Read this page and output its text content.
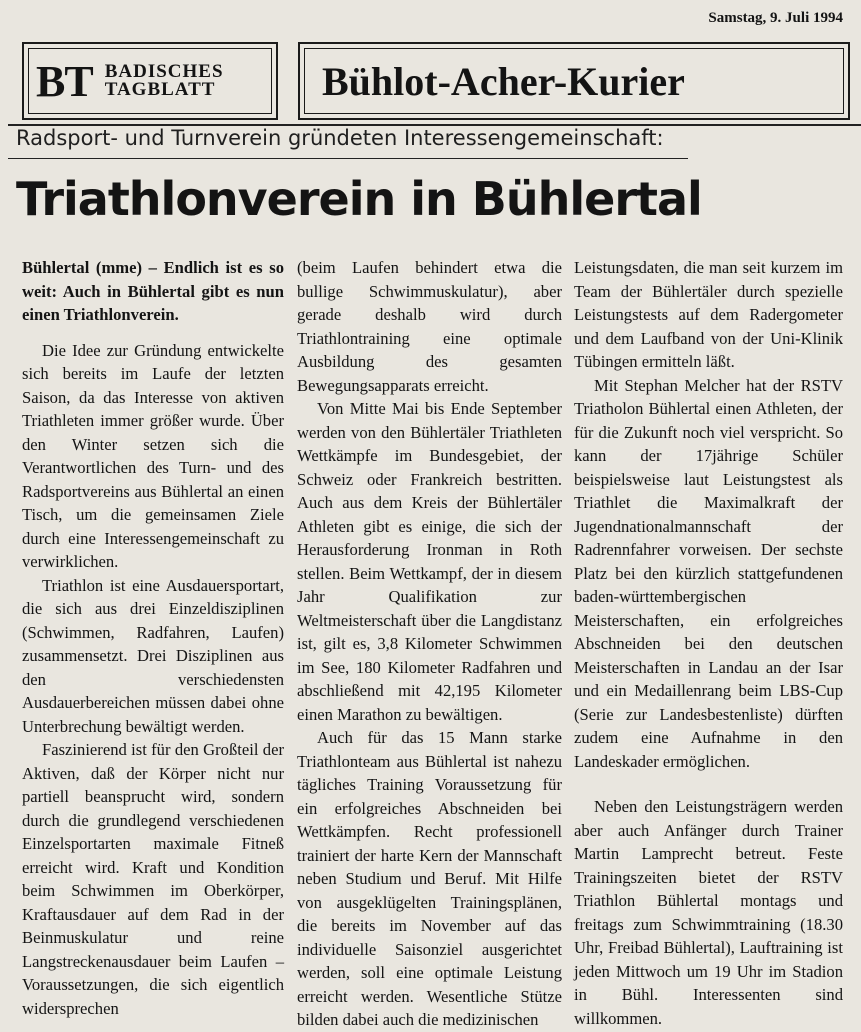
Samstag, 9. Juli 1994
BT BADISCHES
TAGBLATT	Bühlot-Acher-Kurier
Radsport- und Turnverein gründeten Interessengemeinschaft:
Triathlonverein in Bühlertal

Bühlertal (mme) – Endlich ist es so weit: Auch in Bühlertal gibt es nun einen Triathlonverein.

Die Idee zur Gründung entwickelte sich bereits im Laufe der letzten Saison, da das Interesse von aktiven Triathleten immer größer wurde. Über den Winter setzen sich die Verantwortlichen des Turn- und des Radsportvereins aus Bühlertal an einen Tisch, um die gemeinsamen Ziele durch eine Interessengemeinschaft zu verwirklichen.

Triathlon ist eine Ausdauersportart, die sich aus drei Einzeldisziplinen (Schwimmen, Radfahren, Laufen) zusammensetzt. Drei Disziplinen aus den verschiedensten Ausdauerbereichen müssen dabei ohne Unterbrechung bewältigt werden.

Faszinierend ist für den Großteil der Aktiven, daß der Körper nicht nur partiell beansprucht wird, sondern durch die grundlegend verschiedenen Einzelsportarten maximale Fitneß erreicht wird. Kraft und Kondition beim Schwimmen im Oberkörper, Kraftausdauer auf dem Rad in der Beinmuskulatur und reine Langstreckenausdauer beim Laufen – Voraussetzungen, die sich eigentlich widersprechen

(beim Laufen behindert etwa die bullige Schwimmuskulatur), aber gerade deshalb wird durch Triathlontraining eine optimale Ausbildung des gesamten Bewegungsapparats erreicht.

Von Mitte Mai bis Ende September werden von den Bühlertäler Triathleten Wettkämpfe im Bundesgebiet, der Schweiz oder Frankreich bestritten. Auch aus dem Kreis der Bühlertäler Athleten gibt es einige, die sich der Herausforderung Ironman in Roth stellen. Beim Wettkampf, der in diesem Jahr Qualifikation zur Weltmeisterschaft über die Langdistanz ist, gilt es, 3,8 Kilometer Schwimmen im See, 180 Kilometer Radfahren und abschließend mit 42,195 Kilometer einen Marathon zu bewältigen.

Auch für das 15 Mann starke Triathlonteam aus Bühlertal ist nahezu tägliches Training Voraussetzung für ein erfolgreiches Abschneiden bei Wettkämpfen. Recht professionell trainiert der harte Kern der Mannschaft neben Studium und Beruf. Mit Hilfe von ausgeklügelten Trainingsplänen, die bereits im November auf das individuelle Saisonziel ausgerichtet werden, soll eine optimale Leistung erreicht werden. Wesentliche Stütze bilden dabei auch die medizinischen

Leistungsdaten, die man seit kurzem im Team der Bühlertäler durch spezielle Leistungstests auf dem Radergometer und dem Laufband von der Uni-Klinik Tübingen ermitteln läßt.

Mit Stephan Melcher hat der RSTV Triatholon Bühlertal einen Athleten, der für die Zukunft noch viel verspricht. So kann der 17jährige Schüler beispielsweise laut Leistungstest als Triathlet die Maximalkraft der Jugendnationalmannschaft der Radrennfahrer vorweisen. Der sechste Platz bei den kürzlich stattgefundenen baden-württembergischen Meisterschaften, ein erfolgreiches Abschneiden bei den deutschen Meisterschaften in Landau an der Isar und ein Medaillenrang beim LBS-Cup (Serie zur Landesbestenliste) dürften zudem eine Aufnahme in den Landeskader ermöglichen.

Neben den Leistungsträgern werden aber auch Anfänger durch Trainer Martin Lamprecht betreut. Feste Trainingszeiten bietet der RSTV Triathlon Bühlertal montags und freitags zum Schwimmtraining (18.30 Uhr, Freibad Bühlertal), Lauftraining ist jeden Mittwoch um 19 Uhr im Stadion in Bühl. Interessenten sind willkommen.
